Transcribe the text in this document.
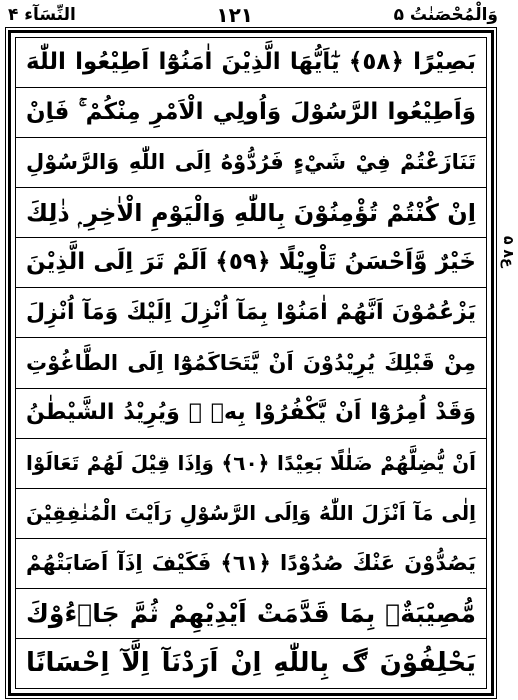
النِّسَآء ۴	١٢١	وَالْمُحْصَنٰتُ ۵
بَصِيْرًا ﴿٥٨﴾ يٰٓاَيُّهَا الَّذِيْنَ اٰمَنُوْٓا اَطِيْعُوا اللّٰهَ
وَاَطِيْعُوا الرَّسُوْلَ وَاُولِي الْاَمْرِ مِنْكُمْ ۚ فَاِنْ
تَنَازَعْتُمْ فِيْ شَيْءٍ فَرُدُّوْهُ اِلَى اللّٰهِ وَالرَّسُوْلِ
اِنْ كُنْتُمْ تُؤْمِنُوْنَ بِاللّٰهِ وَالْيَوْمِ الْاٰخِرِ ۭ ذٰلِكَ
خَيْرٌ وَّاَحْسَنُ تَاْوِيْلًا ﴿٥٩﴾ اَلَمْ تَرَ اِلَى الَّذِيْنَ
يَزْعُمُوْنَ اَنَّهُمْ اٰمَنُوْا بِمَآ اُنْزِلَ اِلَيْكَ وَمَآ اُنْزِلَ
مِنْ قَبْلِكَ يُرِيْدُوْنَ اَنْ يَّتَحَاكَمُوْٓا اِلَى الطَّاغُوْتِ
وَقَدْ اُمِرُوْٓا اَنْ يَّكْفُرُوْا بِهٖ ۭ وَيُرِيْدُ الشَّيْطٰنُ
اَنْ يُّضِلَّهُمْ ضَلٰلًا بَعِيْدًا ﴿٦٠﴾ وَاِذَا قِيْلَ لَهُمْ تَعَالَوْا
اِلٰى مَآ اَنْزَلَ اللّٰهُ وَاِلَى الرَّسُوْلِ رَاَيْتَ الْمُنٰفِقِيْنَ
يَصُدُّوْنَ عَنْكَ صُدُوْدًا ﴿٦١﴾ فَكَيْفَ اِذَآ اَصَابَتْهُمْ
مُّصِيْبَةٌۢ بِمَا قَدَّمَتْ اَيْدِيْهِمْ ثُمَّ جَاۗءُوْكَ
يَحْلِفُوْنَ ڰ بِاللّٰهِ اِنْ اَرَدْنَآ اِلَّآ اِحْسَانًا
ع۸ ۵
